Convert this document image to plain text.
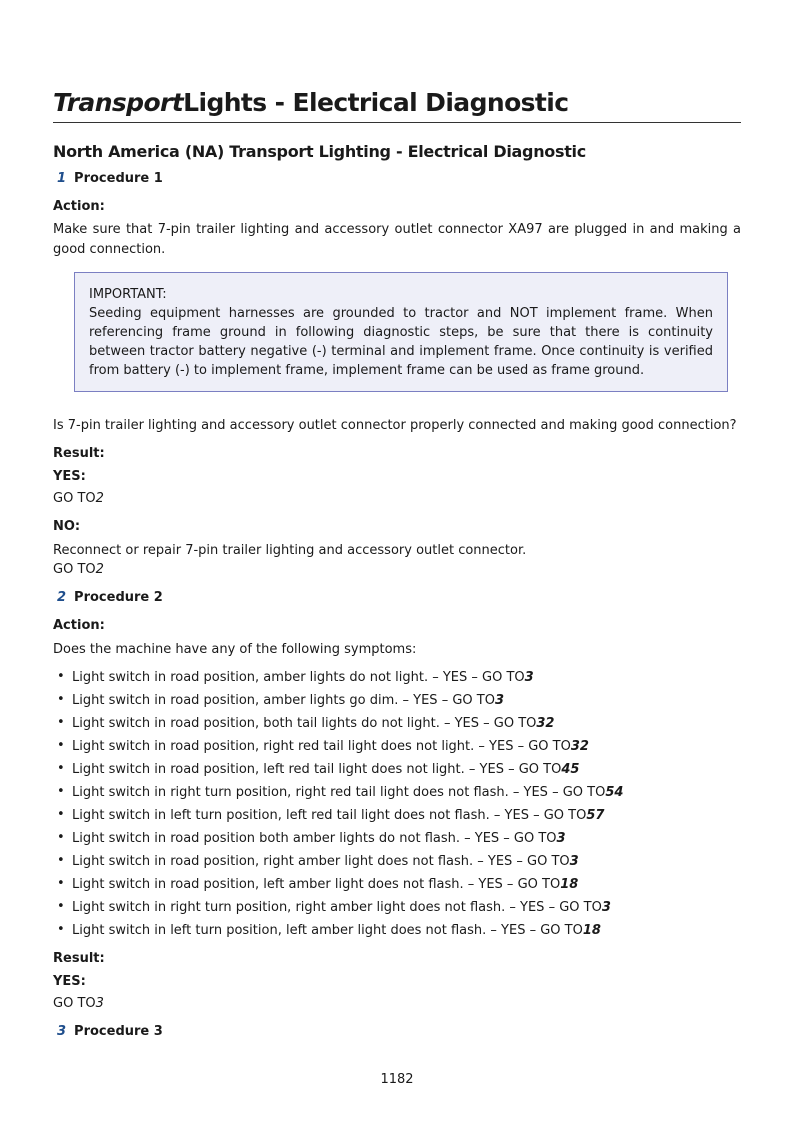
TransportLights - Electrical Diagnostic
North America (NA) Transport Lighting - Electrical Diagnostic
1 Procedure 1
Action:
Make sure that 7-pin trailer lighting and accessory outlet connector XA97 are plugged in and making a good connection.

IMPORTANT:

Seeding equipment harnesses are grounded to tractor and NOT implement frame. When referencing frame ground in following diagnostic steps, be sure that there is continuity between tractor battery negative (-) terminal and implement frame. Once continuity is verified from battery (-) to implement frame, implement frame can be used as frame ground.

Is 7-pin trailer lighting and accessory outlet connector properly connected and making good connection?
Result:
YES:
GO TO2
NO:
Reconnect or repair 7-pin trailer lighting and accessory outlet connector.
GO TO2
2 Procedure 2
Action:
Does the machine have any of the following symptoms:
• Light switch in road position, amber lights do not light. – YES – GO TO3
• Light switch in road position, amber lights go dim. – YES – GO TO3
• Light switch in road position, both tail lights do not light. – YES – GO TO32
• Light switch in road position, right red tail light does not light. – YES – GO TO32
• Light switch in road position, left red tail light does not light. – YES – GO TO45
• Light switch in right turn position, right red tail light does not flash. – YES – GO TO54
• Light switch in left turn position, left red tail light does not flash. – YES – GO TO57
• Light switch in road position both amber lights do not flash. – YES – GO TO3
• Light switch in road position, right amber light does not flash. – YES – GO TO3
• Light switch in road position, left amber light does not flash. – YES – GO TO18
• Light switch in right turn position, right amber light does not flash. – YES – GO TO3
• Light switch in left turn position, left amber light does not flash. – YES – GO TO18
Result:
YES:
GO TO3
3 Procedure 3
1182
